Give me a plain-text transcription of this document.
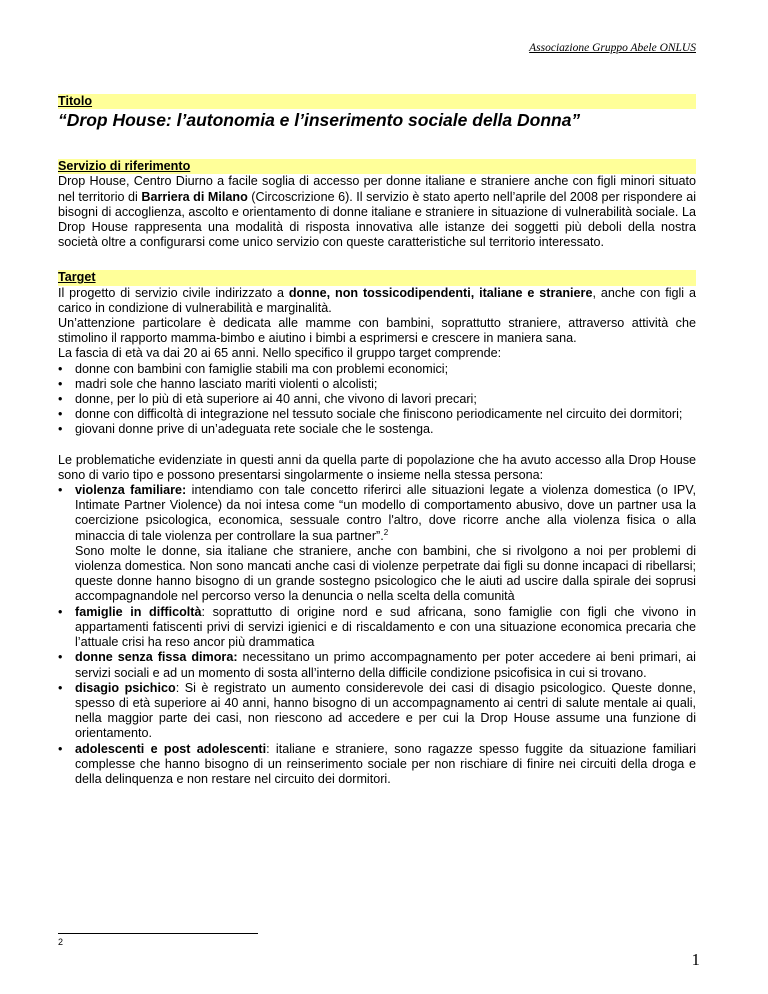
Associazione Gruppo Abele ONLUS
Titolo
“Drop House: l’autonomia e l’inserimento sociale della Donna”
Servizio di riferimento

Drop House, Centro Diurno a facile soglia di accesso per donne italiane e straniere anche con figli minori situato nel territorio di Barriera di Milano (Circoscrizione 6). Il servizio è stato aperto nell’aprile del 2008 per rispondere ai bisogni di accoglienza, ascolto e orientamento di donne italiane e straniere in situazione di vulnerabilità sociale. La Drop House rappresenta una modalità di risposta innovativa alle istanze dei soggetti più deboli della nostra società oltre a configurarsi come unico servizio con queste caratteristiche sul territorio interessato.

Target

Il progetto di servizio civile indirizzato a donne, non tossicodipendenti, italiane e straniere, anche con figli a carico in condizione di vulnerabilità e marginalità.

Un’attenzione particolare è dedicata alle mamme con bambini, soprattutto straniere, attraverso attività che stimolino il rapporto mamma-bimbo e aiutino i bimbi a esprimersi e crescere in maniera sana.

La fascia di età va dai 20 ai 65 anni. Nello specifico il gruppo target comprende:

• donne con bambini con famiglie stabili ma con problemi economici;
• madri sole che hanno lasciato mariti violenti o alcolisti;
• donne, per lo più di età superiore ai 40 anni, che vivono di lavori precari;
• donne con difficoltà di integrazione nel tessuto sociale che finiscono periodicamente nel circuito dei dormitori;
• giovani donne prive di un’adeguata rete sociale che le sostenga.

Le problematiche evidenziate in questi anni da quella parte di popolazione che ha avuto accesso alla Drop House sono di vario tipo e possono presentarsi singolarmente o insieme nella stessa persona:

• violenza familiare: intendiamo con tale concetto riferirci alle situazioni legate a violenza domestica (o IPV, Intimate Partner Violence) da noi intesa come “un modello di comportamento abusivo, dove un partner usa la coercizione psicologica, economica, sessuale contro l'altro, dove ricorre anche alla violenza fisica o alla minaccia di tale violenza per controllare la sua partner”.$^2$
Sono molte le donne, sia italiane che straniere, anche con bambini, che si rivolgono a noi per problemi di violenza domestica. Non sono mancati anche casi di violenze perpetrate dai figli su donne incapaci di ribellarsi; queste donne hanno bisogno di un grande sostegno psicologico che le aiuti ad uscire dalla spirale dei soprusi accompagnandole nel percorso verso la denuncia o nella scelta della comunità
• famiglie in difficoltà: soprattutto di origine nord e sud africana, sono famiglie con figli che vivono in appartamenti fatiscenti privi di servizi igienici e di riscaldamento e con una situazione economica precaria che l’attuale crisi ha reso ancor più drammatica
• donne senza fissa dimora: necessitano un primo accompagnamento per poter accedere ai beni primari, ai servizi sociali e ad un momento di sosta all’interno della difficile condizione psicofisica in cui si trovano.
• disagio psichico: Si è registrato un aumento considerevole dei casi di disagio psicologico. Queste donne, spesso di età superiore ai 40 anni, hanno bisogno di un accompagnamento ai centri di salute mentale ai quali, nella maggior parte dei casi, non riescono ad accedere e per cui la Drop House assume una funzione di orientamento.
• adolescenti e post adolescenti: italiane e straniere, sono ragazze spesso fuggite da situazione familiari complesse che hanno bisogno di un reinserimento sociale per non rischiare di finire nei circuiti della droga e della delinquenza e non restare nel circuito dei dormitori.
2
1
